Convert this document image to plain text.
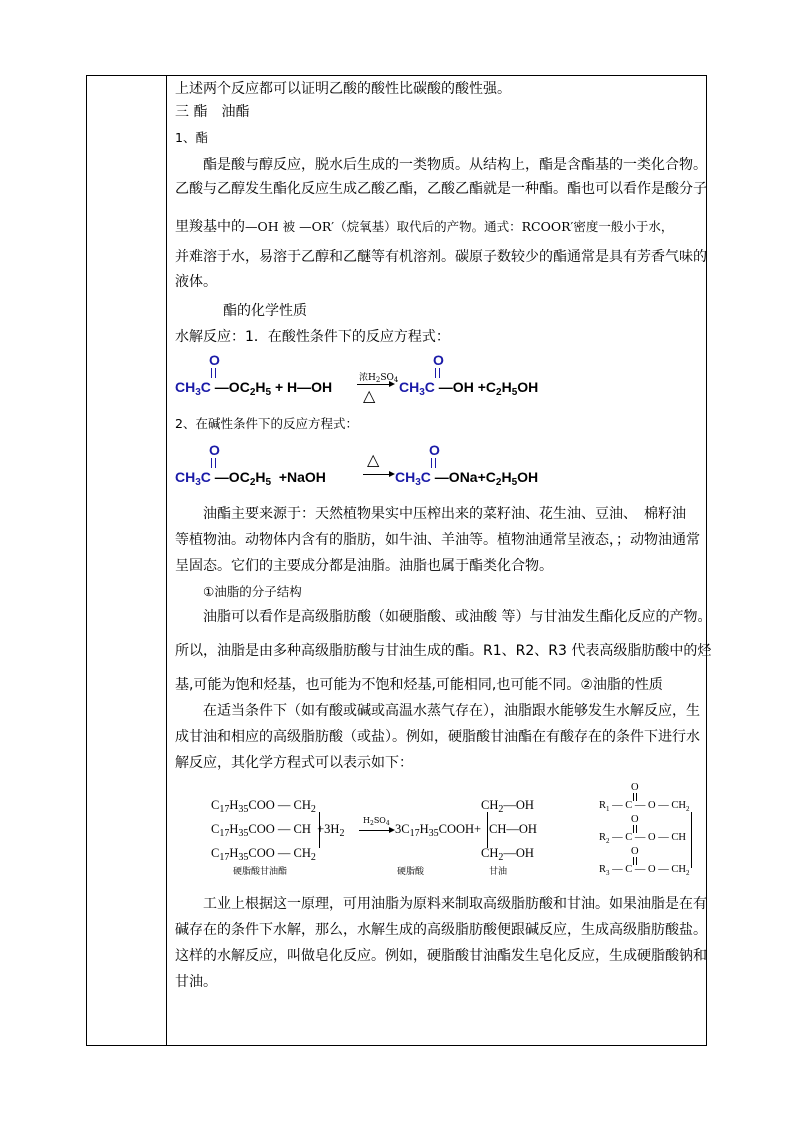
上述两个反应都可以证明乙酸的酸性比碳酸的酸性强。
三 酯　油酯
1、酯
酯是酸与醇反应，脱水后生成的一类物质。从结构上，酯是含酯基的一类化合物。
乙酸与乙醇发生酯化反应生成乙酸乙酯，乙酸乙酯就是一种酯。酯也可以看作是酸分子
里羧基中的—OH 被 —OR′（烷氧基）取代后的产物。通式：RCOOR′密度一般小于水，
并难溶于水，易溶于乙醇和乙醚等有机溶剂。碳原子数较少的酯通常是具有芳香气味的
液体。
酯的化学性质
水解反应：1．在酸性条件下的反应方程式：
O
$CH_3C$ $—OC_2H_5$ + H—OH
浓$H_2SO_4$
△
O
$CH_3C$ —OH $+C_2H_5OH$
2、在碱性条件下的反应方程式：
O
$CH_3C$ $—OC_2H_5$  +NaOH
△	O
$CH_3C$ $—ONa+C_2H_5OH$
油酯主要来源于：天然植物果实中压榨出来的菜籽油、花生油、豆油、　棉籽油
等植物油。动物体内含有的脂肪，如牛油、羊油等。植物油通常呈液态，；动物油通常
呈固态。它们的主要成分都是油脂。油脂也属于酯类化合物。
①油脂的分子结构
油脂可以看作是高级脂肪酸（如硬脂酸、或油酸 等）与甘油发生酯化反应的产物。
所以，油脂是由多种高级脂肪酸与甘油生成的酯。R1、R2、R3 代表高级脂肪酸中的烃
基,可能为饱和烃基，也可能为不饱和烃基,可能相同,也可能不同。②油脂的性质
在适当条件下（如有酸或碱或高温水蒸气存在），油脂跟水能够发生水解反应，生
成甘油和相应的高级脂肪酸（或盐）。例如，硬脂酸甘油酯在有酸存在的条件下进行水
解反应，其化学方程式可以表示如下：
$C_{17}H_{35}COO$ — $CH_2$
$C_{17}H_{35}COO$ — CH  $+3H_2$
$C_{17}H_{35}COO$ — $CH_2$
$H_2SO_4$ $3C_{17}H_{35}COOH+$
$CH_2—OH$
CH—OH
$CH_2—OH$
硬脂酸甘油酯	硬脂酸	甘油
O
$R_1$ — C — O — $CH_2$
O
$R_2$ — C — O — CH
O
$R_3$ — C — O — $CH_2$
工业上根据这一原理，可用油脂为原料来制取高级脂肪酸和甘油。如果油脂是在有
碱存在的条件下水解，那么，水解生成的高级脂肪酸便跟碱反应，生成高级脂肪酸盐。
这样的水解反应，叫做皂化反应。例如，硬脂酸甘油酯发生皂化反应，生成硬脂酸钠和
甘油。
